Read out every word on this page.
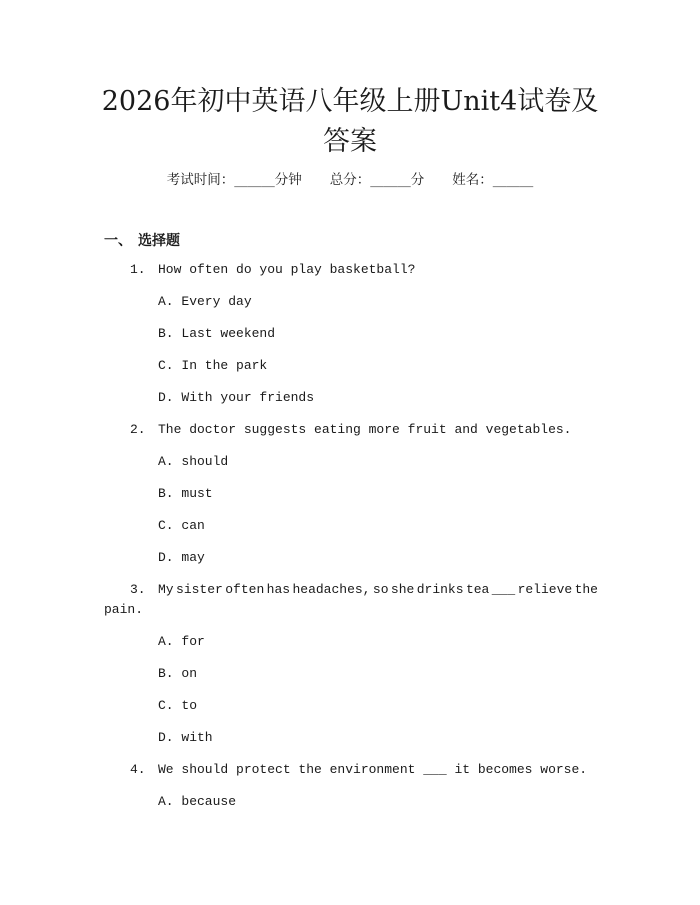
2026年初中英语八年级上册Unit4试卷及答案
考试时间：______分钟 总分：______分 姓名：______
一、 选择题
1. How often do you play basketball?
A. Every day
B. Last weekend
C. In the park
D. With your friends
2. The doctor suggests eating more fruit and vegetables.
A. should
B. must
C. can
D. may
3. My sister often has headaches, so she drinks tea ___ relieve the
pain.
A. for
B. on
C. to
D. with
4. We should protect the environment ___ it becomes worse.
A. because
